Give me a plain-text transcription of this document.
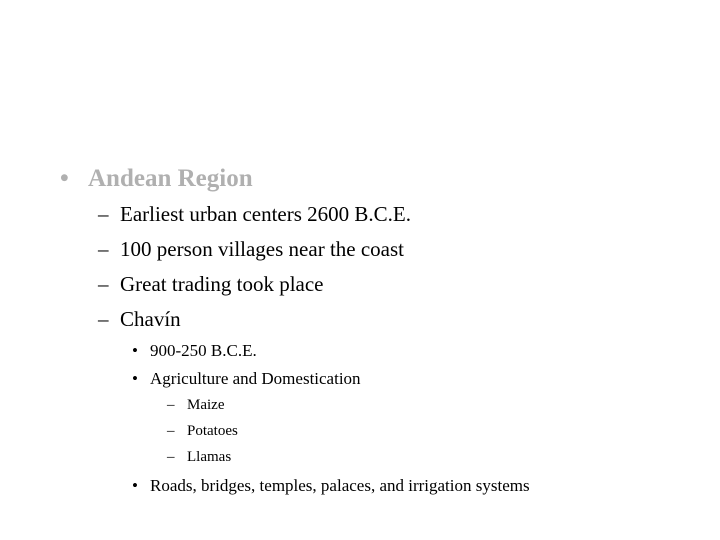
• Andean Region
– Earliest urban centers 2600 B.C.E.
– 100 person villages near the coast
– Great trading took place
– Chavín
• 900-250 B.C.E.
• Agriculture and Domestication
– Maize
– Potatoes
– Llamas
• Roads, bridges, temples, palaces, and irrigation systems
